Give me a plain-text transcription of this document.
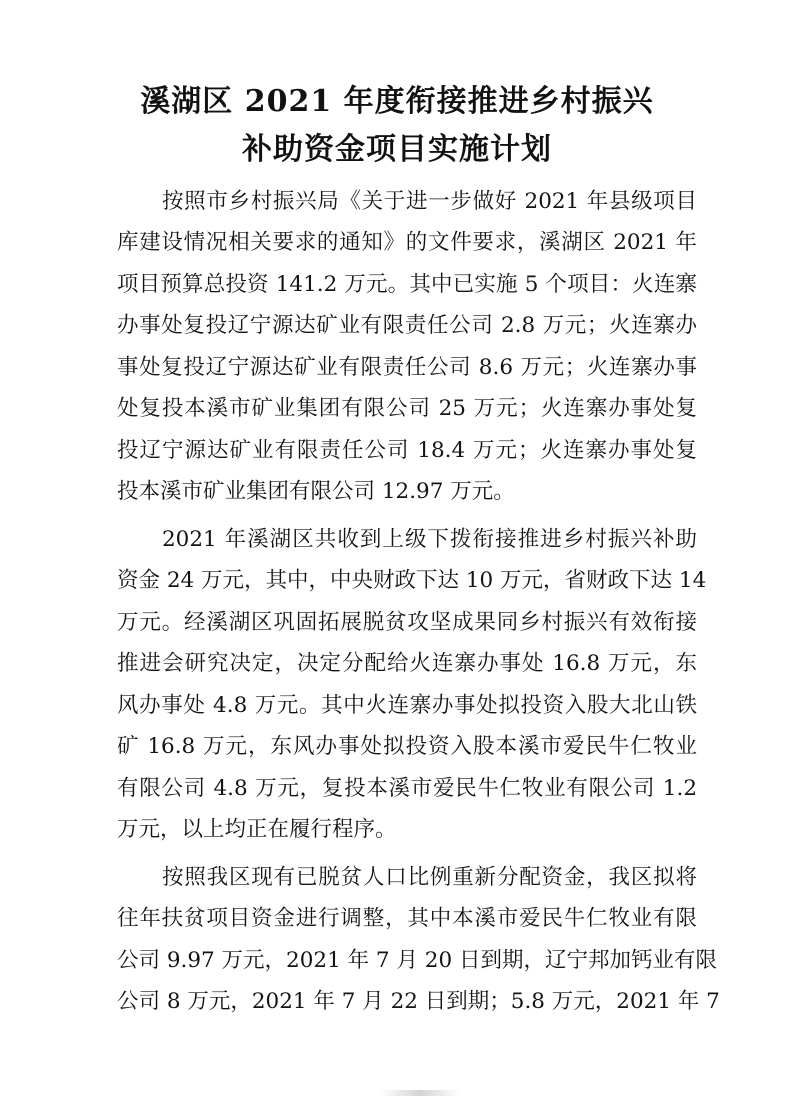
溪湖区 2021 年度衔接推进乡村振兴
补助资金项目实施计划
按照市乡村振兴局《关于进一步做好 2021 年县级项目
库建设情况相关要求的通知》的文件要求，溪湖区 2021 年
项目预算总投资 141.2 万元。其中已实施 5 个项目：火连寨
办事处复投辽宁源达矿业有限责任公司 2.8 万元；火连寨办
事处复投辽宁源达矿业有限责任公司 8.6 万元；火连寨办事
处复投本溪市矿业集团有限公司 25 万元；火连寨办事处复
投辽宁源达矿业有限责任公司 18.4 万元；火连寨办事处复
投本溪市矿业集团有限公司 12.97 万元。
2021 年溪湖区共收到上级下拨衔接推进乡村振兴补助
资金 24 万元，其中，中央财政下达 10 万元，省财政下达 14
万元。经溪湖区巩固拓展脱贫攻坚成果同乡村振兴有效衔接
推进会研究决定，决定分配给火连寨办事处 16.8 万元，东
风办事处 4.8 万元。其中火连寨办事处拟投资入股大北山铁
矿 16.8 万元，东风办事处拟投资入股本溪市爱民牛仁牧业
有限公司 4.8 万元，复投本溪市爱民牛仁牧业有限公司 1.2
万元，以上均正在履行程序。
按照我区现有已脱贫人口比例重新分配资金，我区拟将
往年扶贫项目资金进行调整，其中本溪市爱民牛仁牧业有限
公司 9.97 万元，2021 年 7 月 20 日到期，辽宁邦加钙业有限
公司 8 万元，2021 年 7 月 22 日到期；5.8 万元，2021 年 7
